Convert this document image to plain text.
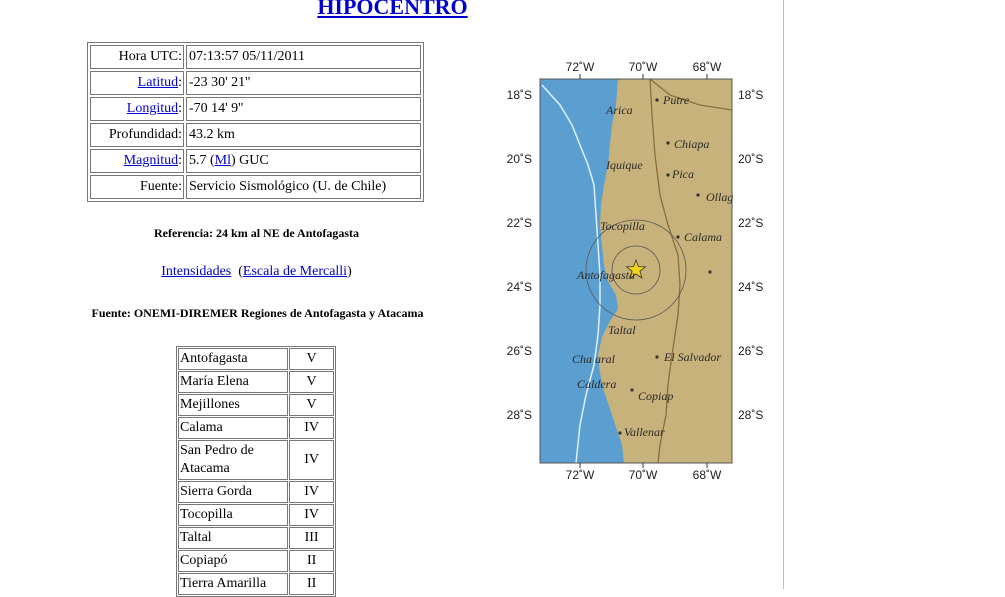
HIPOCENTRO
Hora UTC:	07:13:57 05/11/2011
Latitud:	-23 30' 21''
Longitud:	-70 14' 9''
Profundidad:	43.2 km
Magnitud:	5.7 (Ml) GUC
Fuente:	Servicio Sismológico (U. de Chile)
Referencia: 24 km al NE de Antofagasta
Intensidades (Escala de Mercalli)
Fuente: ONEMI-DIREMER Regiones de Antofagasta y Atacama
Antofagasta	V
María Elena	V
Mejillones	V
Calama	IV
San Pedro de Atacama	IV
Sierra Gorda	IV
Tocopilla	IV
Taltal	III
Copiapó	II
Tierra Amarilla	II
Arica
Putre
Chiapa
Iquique
Pica
Ollag
Tocopilla
Calama
Antofagasta
Taltal
Cha aral	El Salvador
Caldera
Copiap
Vallenar
72˚W	70˚W	68˚W
72˚W	70˚W	68˚W
18˚S
20˚S
22˚S
24˚S
26˚S
28˚S
18˚S
20˚S
22˚S
24˚S
26˚S
28˚S
